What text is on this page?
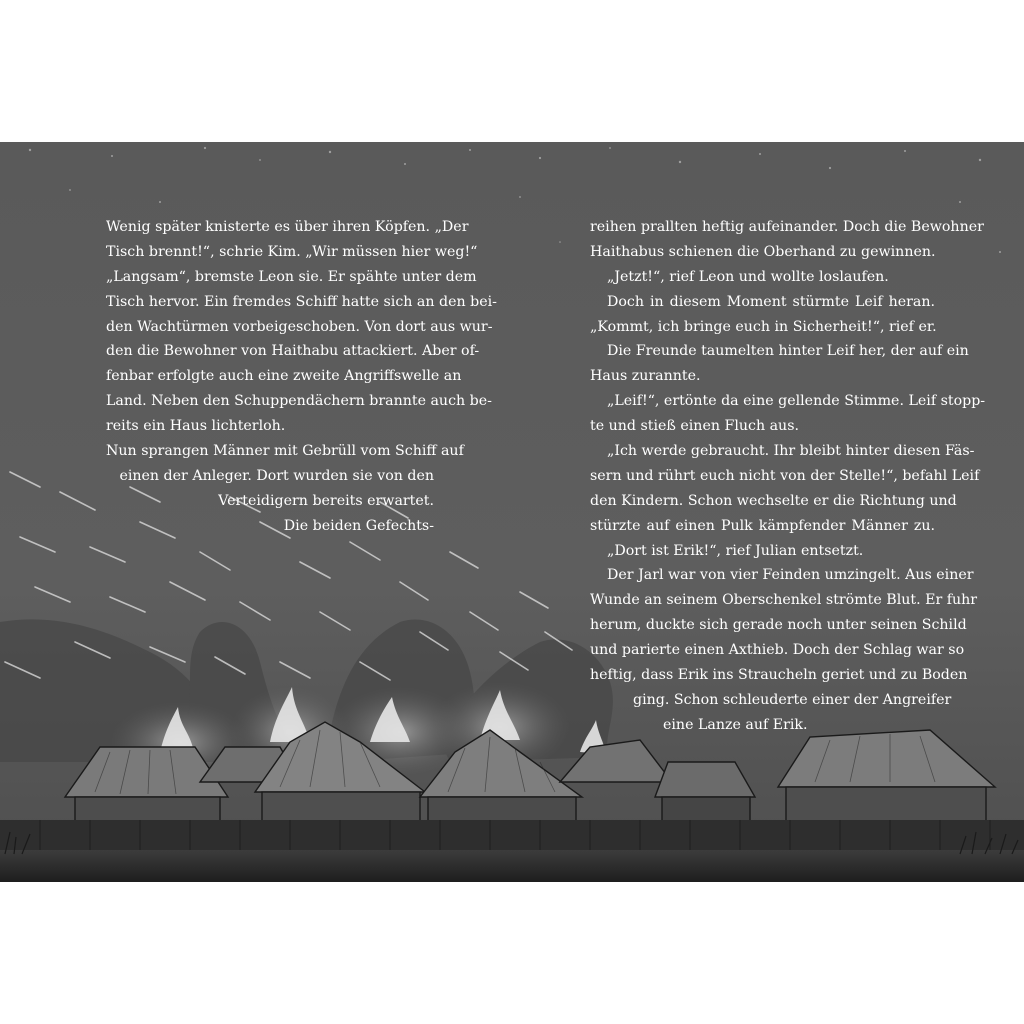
Wenig später knisterte es über ihren Köpfen. „Der
Tisch brennt!“, schrie Kim. „Wir müssen hier weg!“
„Langsam“, bremste Leon sie. Er spähte unter dem
Tisch hervor. Ein fremdes Schiff hatte sich an den bei-
den Wachtürmen vorbeigeschoben. Von dort aus wur-
den die Bewohner von Haithabu attackiert. Aber of-
fenbar erfolgte auch eine zweite Angriffswelle an
Land. Neben den Schuppendächern brannte auch be-
reits ein Haus lichterloh.
Nun sprangen Männer mit Gebrüll vom Schiff auf
einen der Anleger. Dort wurden sie von den
Verteidigern bereits erwartet.
Die beiden Gefechts-
reihen prallten heftig aufeinander. Doch die Bewohner
Haithabus schienen die Oberhand zu gewinnen.
„Jetzt!“, rief Leon und wollte loslaufen.
Doch in diesem Moment stürmte Leif heran.
„Kommt, ich bringe euch in Sicherheit!“, rief er.
Die Freunde taumelten hinter Leif her, der auf ein
Haus zurannte.
„Leif!“, ertönte da eine gellende Stimme. Leif stopp-
te und stieß einen Fluch aus.
„Ich werde gebraucht. Ihr bleibt hinter diesen Fäs-
sern und rührt euch nicht von der Stelle!“, befahl Leif
den Kindern. Schon wechselte er die Richtung und
stürzte auf einen Pulk kämpfender Männer zu.
„Dort ist Erik!“, rief Julian entsetzt.
Der Jarl war von vier Feinden umzingelt. Aus einer
Wunde an seinem Oberschenkel strömte Blut. Er fuhr
herum, duckte sich gerade noch unter seinen Schild
und parierte einen Axthieb. Doch der Schlag war so
heftig, dass Erik ins Straucheln geriet und zu Boden
ging. Schon schleuderte einer der Angreifer
eine Lanze auf Erik.
